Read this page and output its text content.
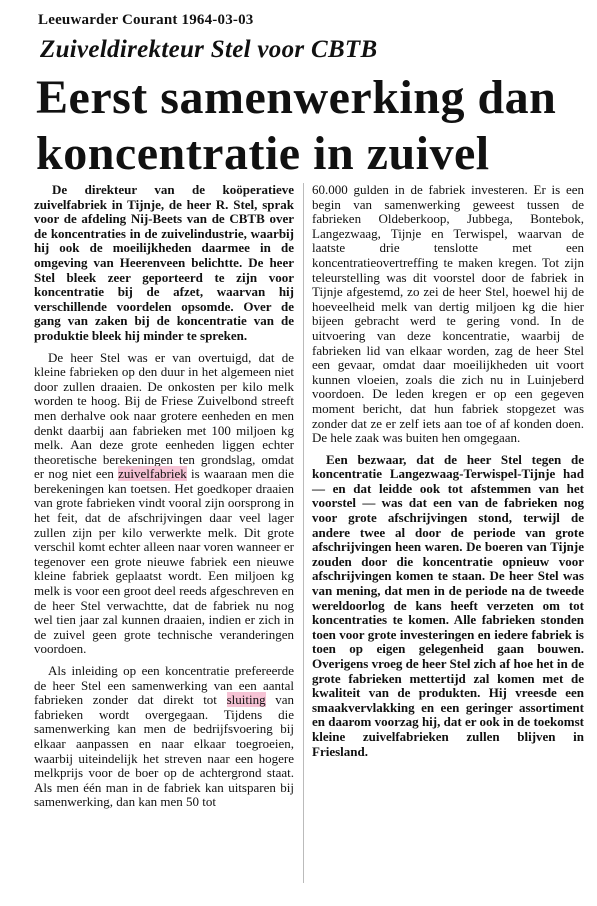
Leeuwarder Courant 1964-03-03
Zuiveldirekteur Stel voor CBTB
Eerst samenwerking dan koncentratie in zuivel

De direkteur van de koöperatieve zuivelfabriek in Tijnje, de heer R. Stel, sprak voor de afdeling Nij-Beets van de CBTB over de koncentraties in de zuivelindustrie, waarbij hij ook de moeilijkheden daarmee in de omgeving van Heerenveen belichtte. De heer Stel bleek zeer geporteerd te zijn voor koncentratie bij de afzet, waarvan hij verschillende voordelen opsomde. Over de gang van zaken bij de koncentratie van de produktie bleek hij minder te spreken.

De heer Stel was er van overtuigd, dat de kleine fabrieken op den duur in het algemeen niet door zullen draaien. De onkosten per kilo melk worden te hoog. Bij de Friese Zuivelbond streeft men derhalve ook naar grotere eenheden en men denkt daarbij aan fabrieken met 100 miljoen kg melk. Aan deze grote eenheden liggen echter theoretische berekeningen ten grondslag, omdat er nog niet een zuivelfabriek is waaraan men die berekeningen kan toetsen. Het goedkoper draaien van grote fabrieken vindt vooral zijn oorsprong in het feit, dat de afschrijvingen daar veel lager zullen zijn per kilo verwerkte melk. Dit grote verschil komt echter alleen naar voren wanneer er tegenover een grote nieuwe fabriek een nieuwe kleine fabriek geplaatst wordt. Een miljoen kg melk is voor een groot deel reeds afgeschreven en de heer Stel verwachtte, dat de fabriek nu nog wel tien jaar zal kunnen draaien, indien er zich in de zuivel geen grote technische veranderingen voordoen.

Als inleiding op een koncentratie prefereerde de heer Stel een samenwerking van een aantal fabrieken zonder dat direkt tot sluiting van fabrieken wordt overgegaan. Tijdens die samenwerking kan men de bedrijfsvoering bij elkaar aanpassen en naar elkaar toegroeien, waarbij uiteindelijk het streven naar een hogere melkprijs voor de boer op de achtergrond staat. Als men één man in de fabriek kan uitsparen bij samenwerking, dan kan men 50 tot

60.000 gulden in de fabriek investeren. Er is een begin van samenwerking geweest tussen de fabrieken Oldeberkoop, Jubbega, Bontebok, Langezwaag, Tijnje en Terwispel, waarvan de laatste drie tenslotte met een koncentratieovertreffing te maken kregen. Tot zijn teleurstelling was dit voorstel door de fabriek in Tijnje afgestemd, zo zei de heer Stel, hoewel hij de hoeveelheid melk van dertig miljoen kg die hier bijeen gebracht werd te gering vond. In de uitvoering van deze koncentratie, waarbij de fabrieken lid van elkaar worden, zag de heer Stel een gevaar, omdat daar moeilijkheden uit voort kunnen vloeien, zoals die zich nu in Luinjeberd voordoen. De leden kregen er op een gegeven moment bericht, dat hun fabriek stopgezet was zonder dat ze er zelf iets aan toe of af konden doen. De hele zaak was buiten hen omgegaan.

Een bezwaar, dat de heer Stel tegen de koncentratie Langezwaag-Terwispel-Tijnje had — en dat leidde ook tot afstemmen van het voorstel — was dat een van de fabrieken nog voor grote afschrijvingen stond, terwijl de andere twee al door de periode van grote afschrijvingen heen waren. De boeren van Tijnje zouden door die koncentratie opnieuw voor afschrijvingen komen te staan. De heer Stel was van mening, dat men in de periode na de tweede wereldoorlog de kans heeft verzeten om tot koncentraties te komen. Alle fabrieken stonden toen voor grote investeringen en iedere fabriek is toen op eigen gelegenheid gaan bouwen. Overigens vroeg de heer Stel zich af hoe het in de grote fabrieken mettertijd zal komen met de kwaliteit van de produkten. Hij vreesde een smaakvervlakking en een geringer assortiment en daarom voorzag hij, dat er ook in de toekomst kleine zuivelfabrieken zullen blijven in Friesland.
